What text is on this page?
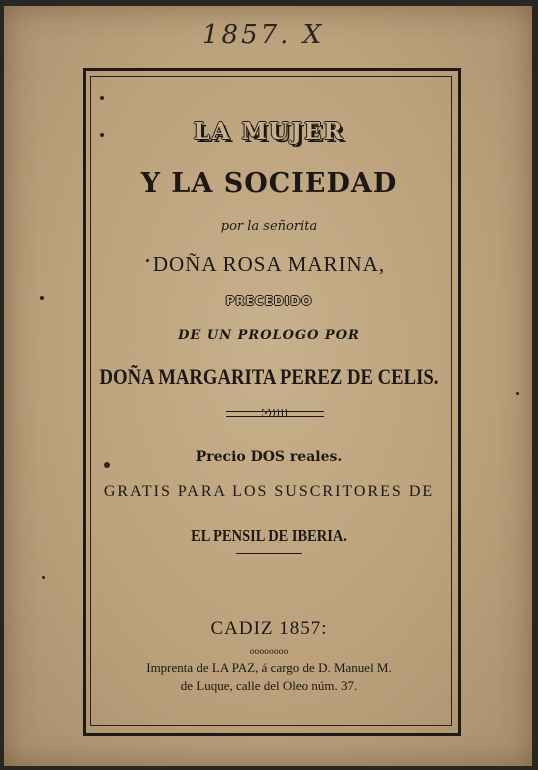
1857. X
LA MUJER
Y LA SOCIEDAD
por la señorita
DOÑA ROSA MARINA,
PRECEDIDO
DE UN PROLOGO POR
DOÑA MARGARITA PEREZ DE CELIS.
Precio DOS reales.
GRATIS PARA LOS SUSCRITORES DE
EL PENSIL DE IBERIA.
CADIZ 1857:
oooooooo
Imprenta de LA PAZ, á cargo de D. Manuel M.
de Luque, calle del Oleo núm. 37.
